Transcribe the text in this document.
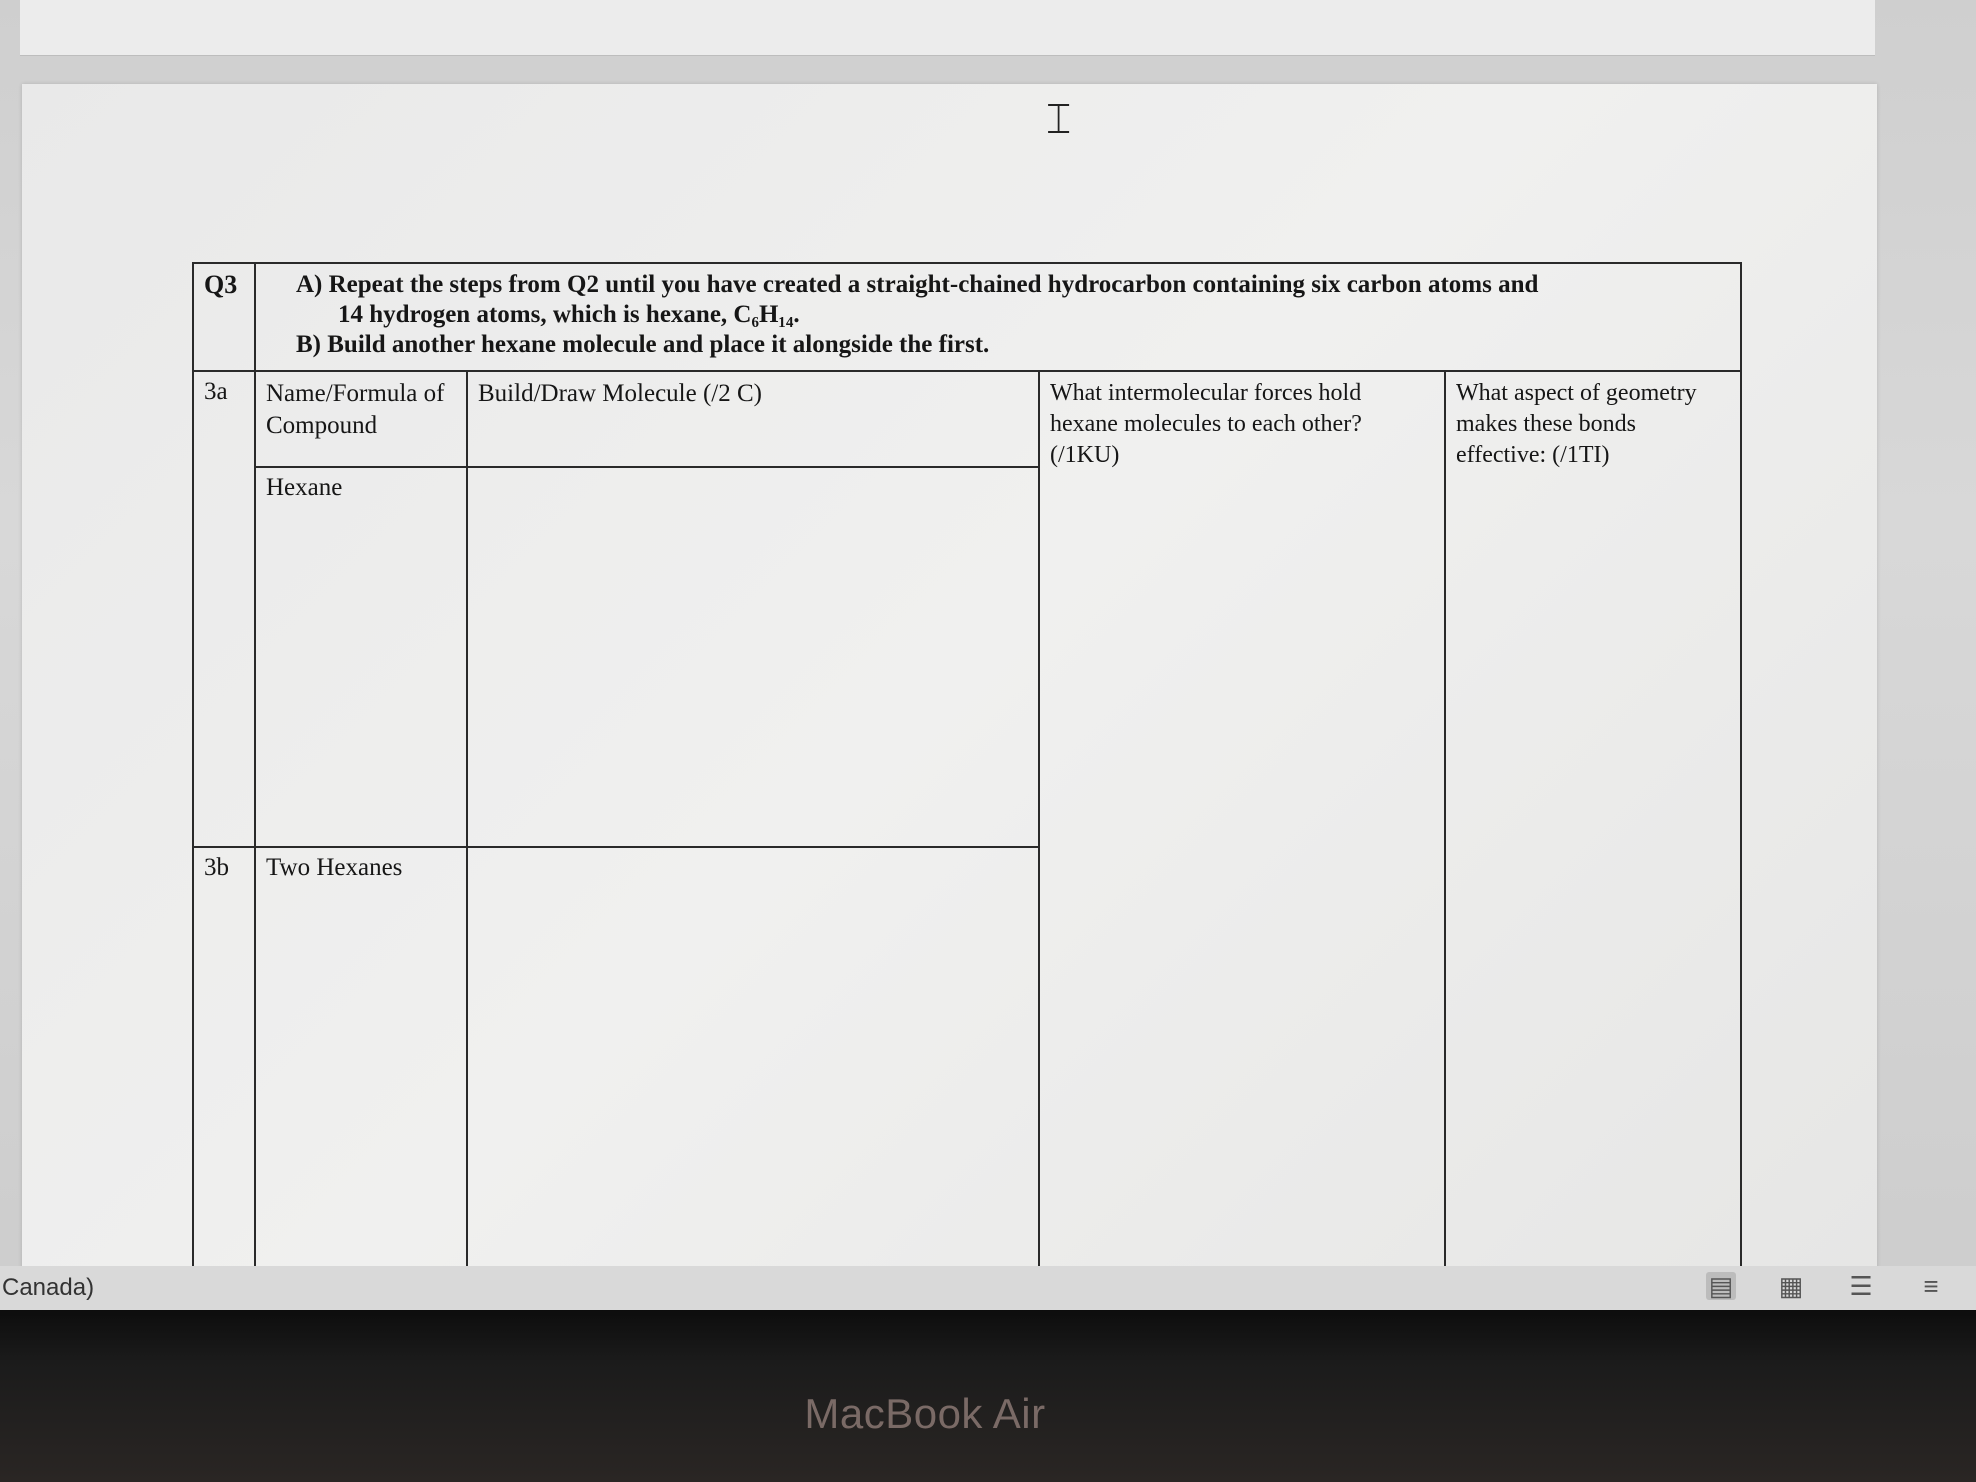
⌶
Q3	A) Repeat the steps from Q2 until you have created a straight-chained hydrocarbon containing six carbon atoms and
14 hydrogen atoms, which is hexane, C₆H₁₄.
B) Build another hexane molecule and place it alongside the first.			

3a	Name/Formula of Compound	Build/Draw Molecule (/2 C)	What intermolecular forces hold hexane molecules to each other? (/1KU)	What aspect of geometry makes these bonds effective: (/1TI)
	Hexane			
3b	Two Hexanes			
Canada)	▤ ▦ ☰ ≡
MacBook Air
